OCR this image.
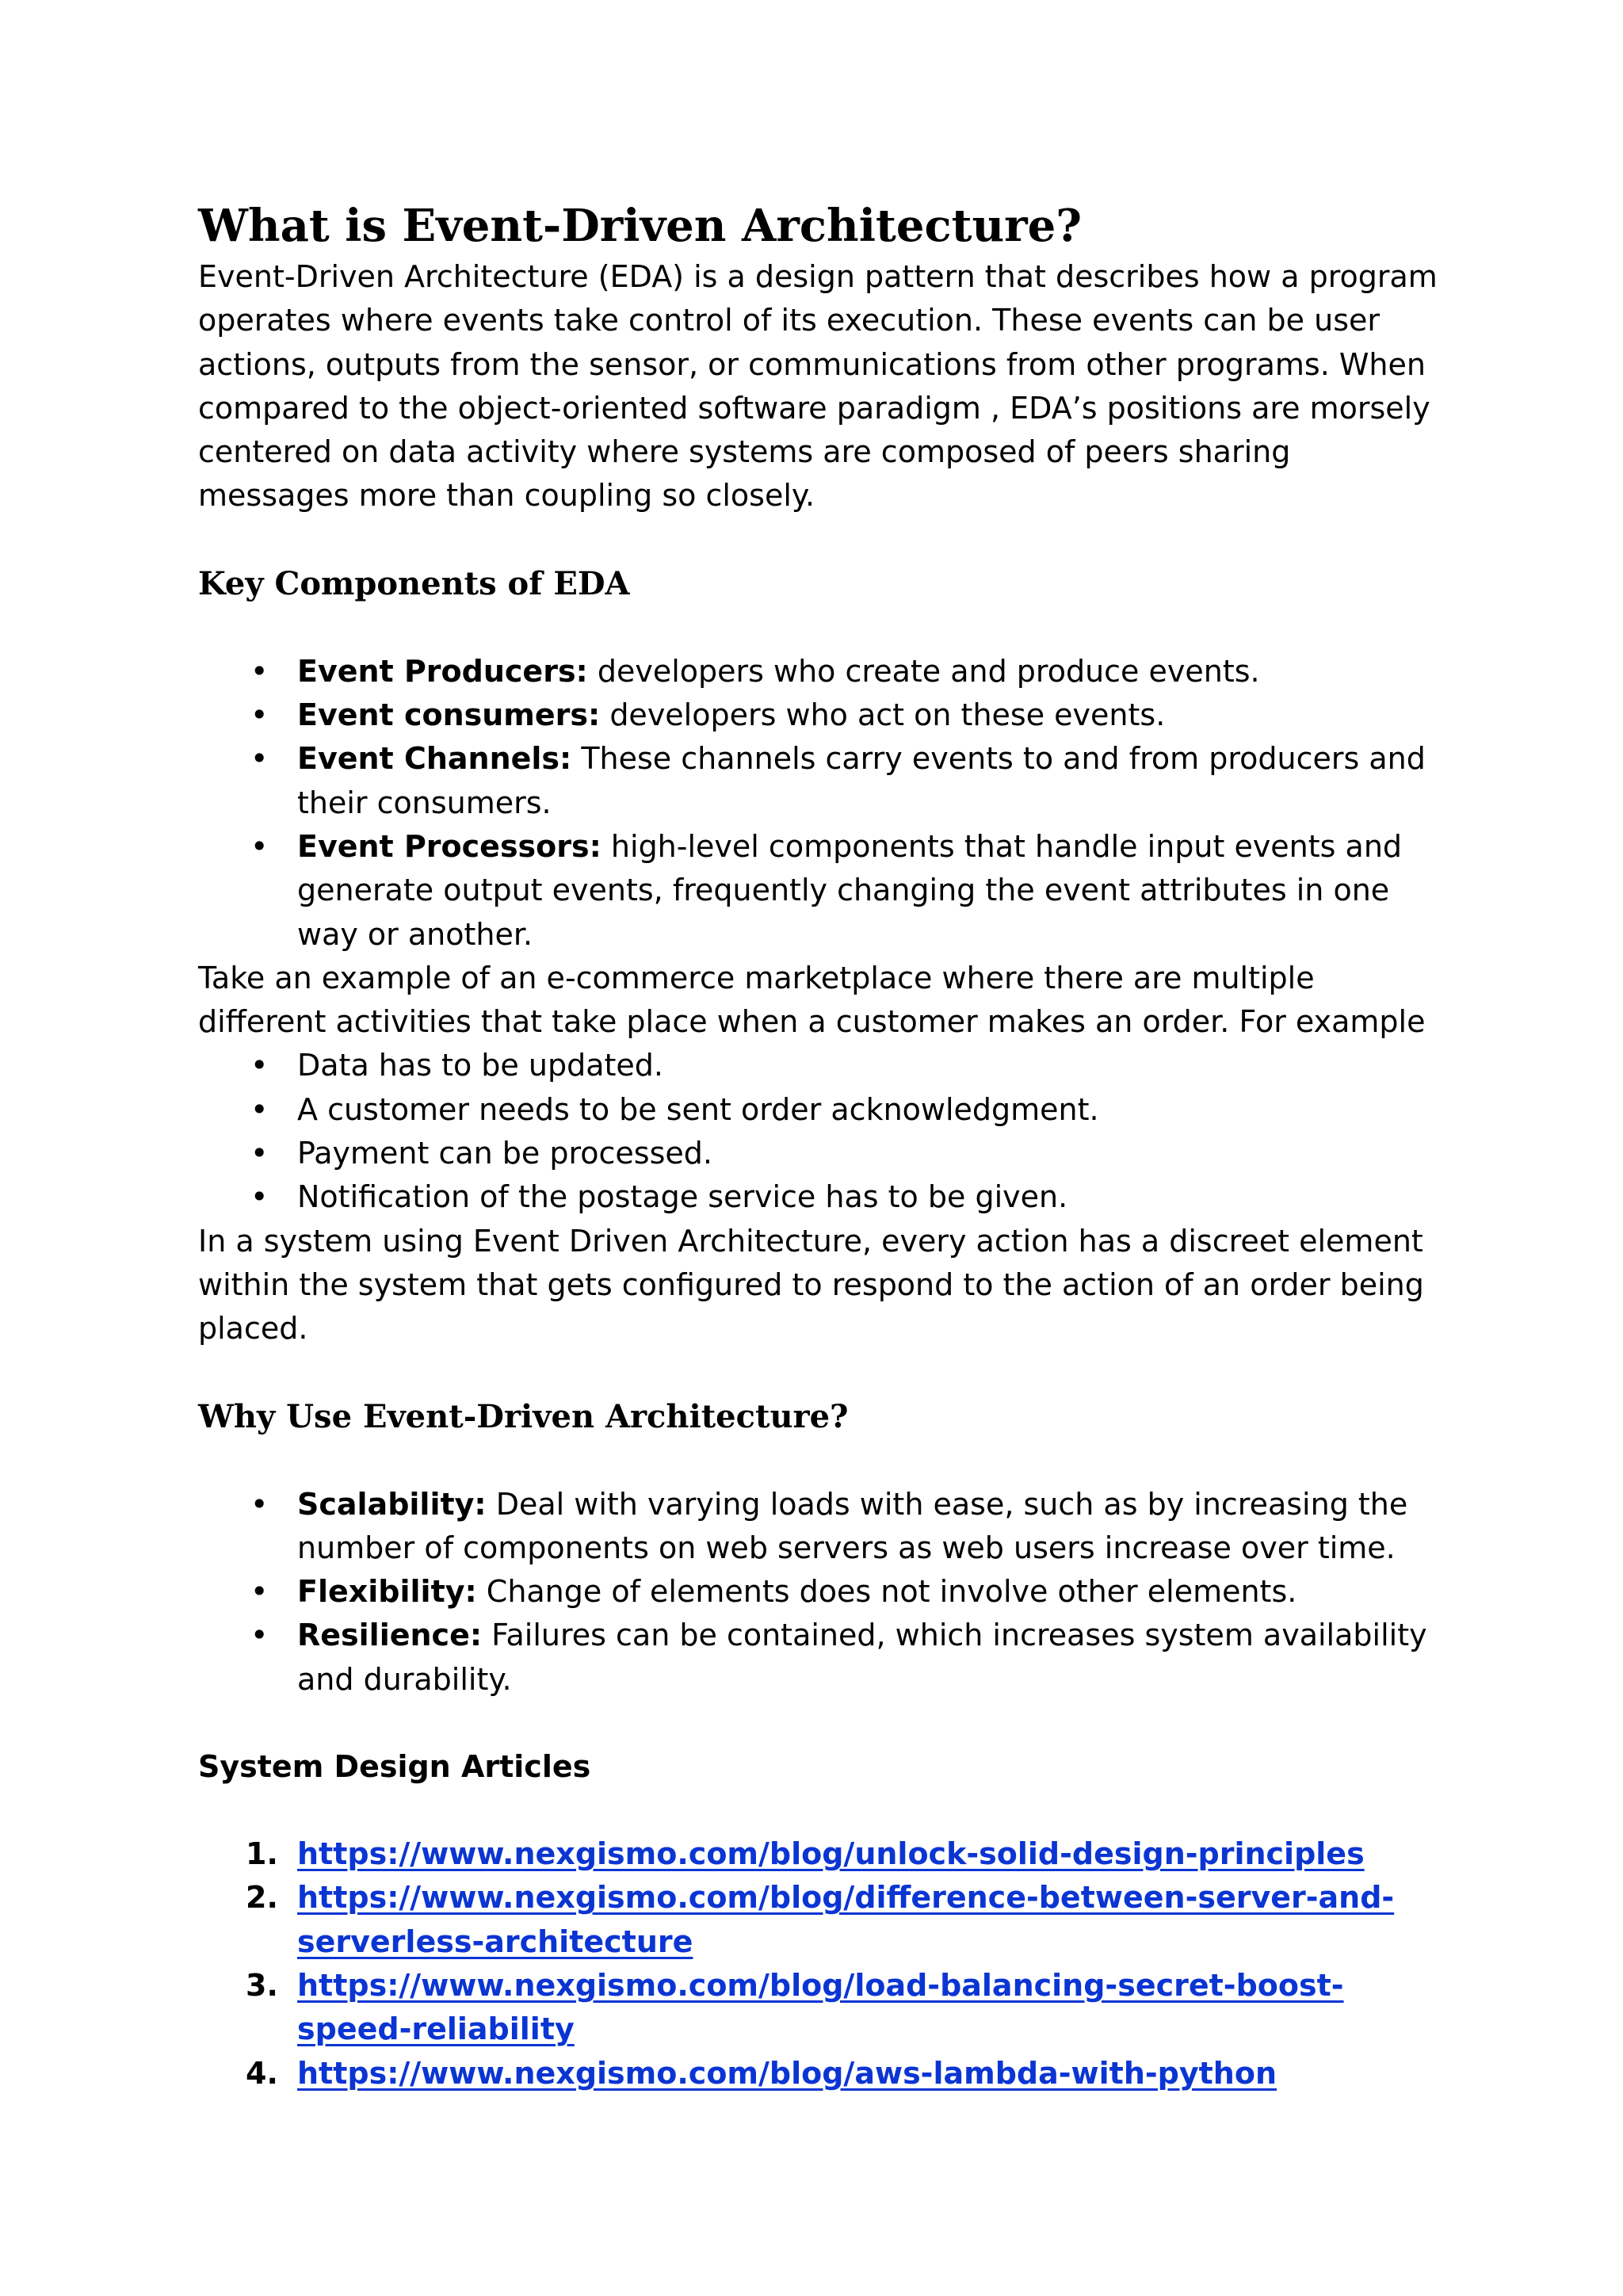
What is Event-Driven Architecture?

Event-Driven Architecture (EDA) is a design pattern that describes how a program operates where events take control of its execution. These events can be user actions, outputs from the sensor, or communications from other programs. When compared to the object-oriented software paradigm , EDA’s positions are morsely centered on data activity where systems are composed of peers sharing messages more than coupling so closely.

Key Components of EDA
• Event Producers: developers who create and produce events.
• Event consumers: developers who act on these events.
• Event Channels: These channels carry events to and from producers and their consumers.
• Event Processors: high-level components that handle input events and generate output events, frequently changing the event attributes in one way or another.

Take an example of an e-commerce marketplace where there are multiple different activities that take place when a customer makes an order. For example

• Data has to be updated.
• A customer needs to be sent order acknowledgment.
• Payment can be processed.
• Notification of the postage service has to be given.

In a system using Event Driven Architecture, every action has a discreet element within the system that gets configured to respond to the action of an order being placed.

Why Use Event-Driven Architecture?
• Scalability: Deal with varying loads with ease, such as by increasing the number of components on web servers as web users increase over time.
• Flexibility: Change of elements does not involve other elements.
• Resilience: Failures can be contained, which increases system availability and durability.
System Design Articles
1. https://www.nexgismo.com/blog/unlock-solid-design-principles
2. https://www.nexgismo.com/blog/difference-between-server-and-serverless-architecture
3. https://www.nexgismo.com/blog/load-balancing-secret-boost-speed-reliability
4. https://www.nexgismo.com/blog/aws-lambda-with-python
